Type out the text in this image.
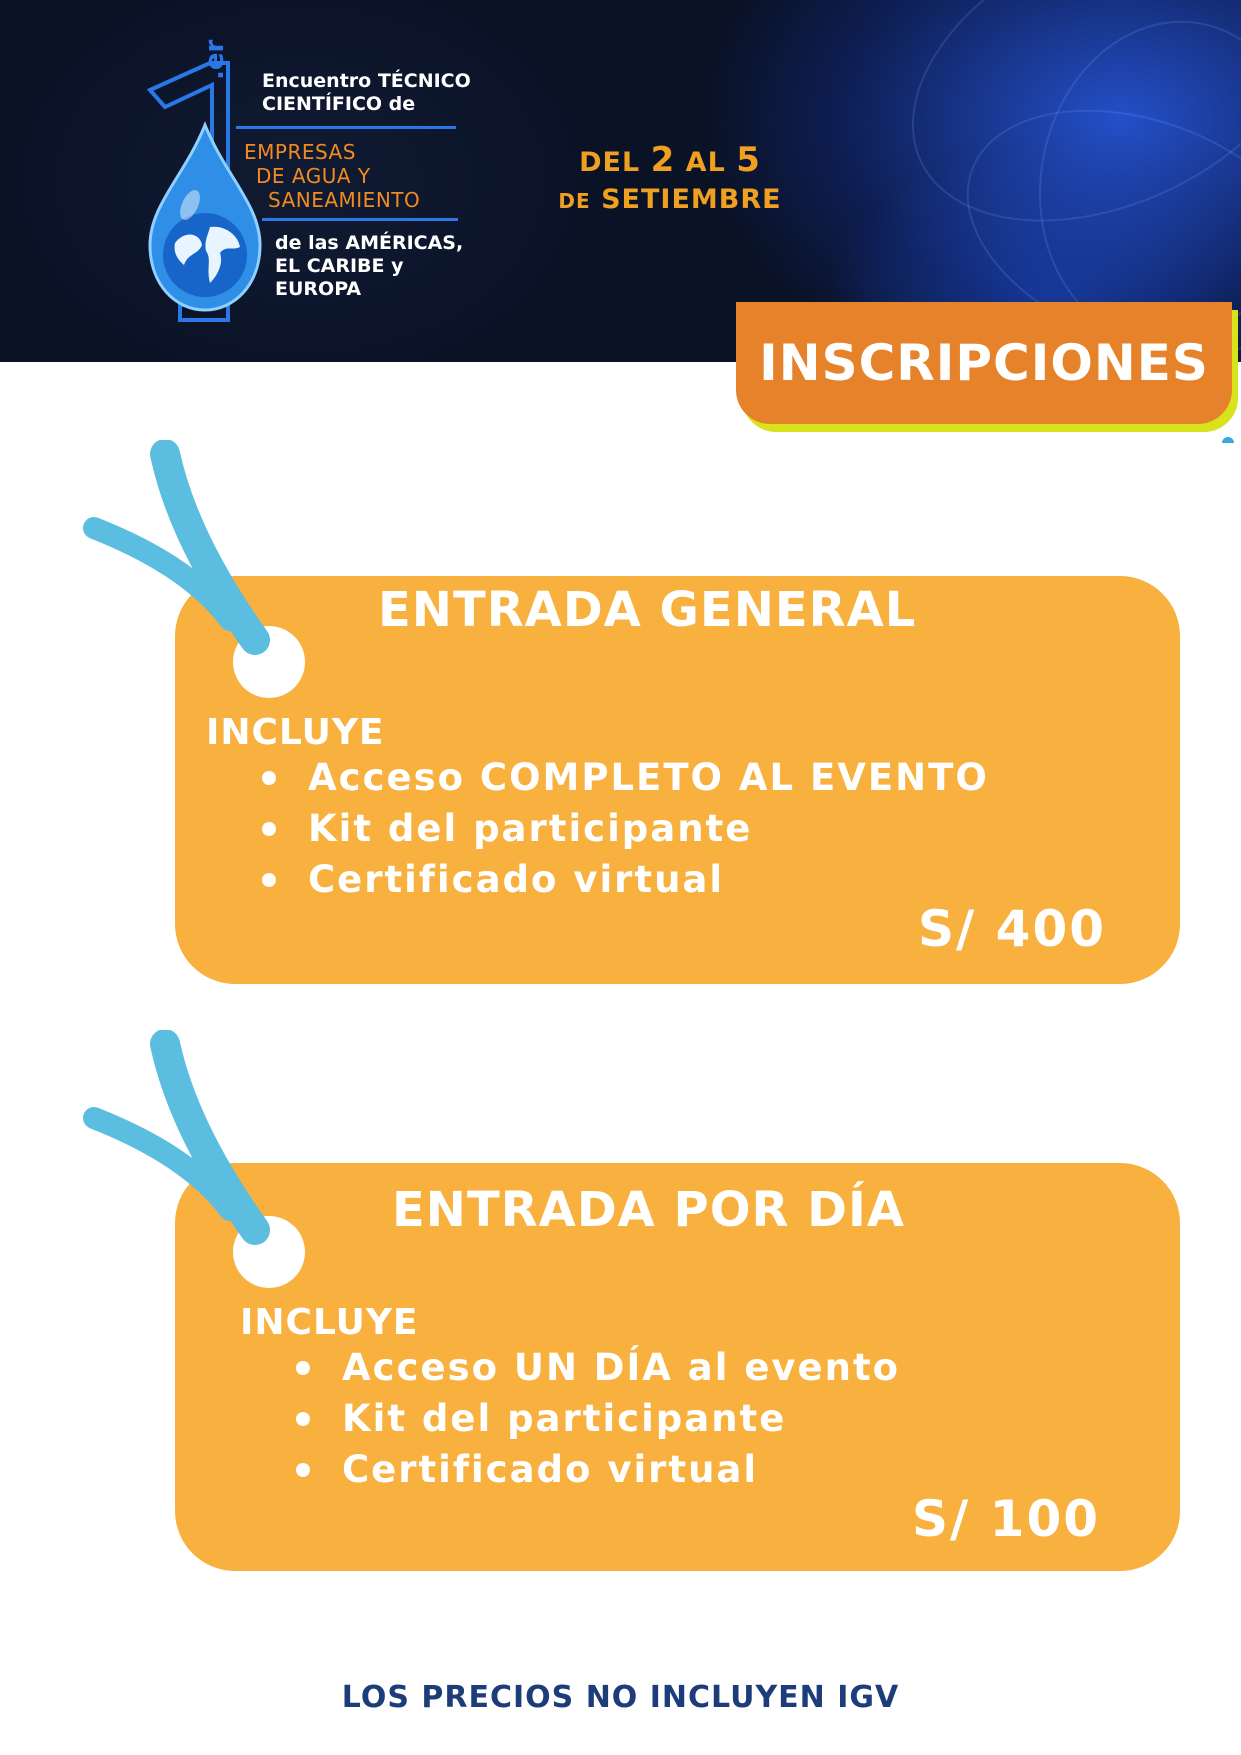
.er
Encuentro TÉCNICO
CIENTÍFICO de
EMPRESAS
DE AGUA Y
SANEAMIENTO
de las AMÉRICAS,
EL CARIBE y
EUROPA
DEL 2 AL 5
DE SETIEMBRE
INSCRIPCIONES
ENTRADA GENERAL
INCLUYE
Acceso COMPLETO AL EVENTO
Kit del participante
Certificado virtual
S/ 400
ENTRADA POR DÍA
INCLUYE
Acceso UN DÍA al evento
Kit del participante
Certificado virtual
S/ 100
LOS PRECIOS NO INCLUYEN IGV
